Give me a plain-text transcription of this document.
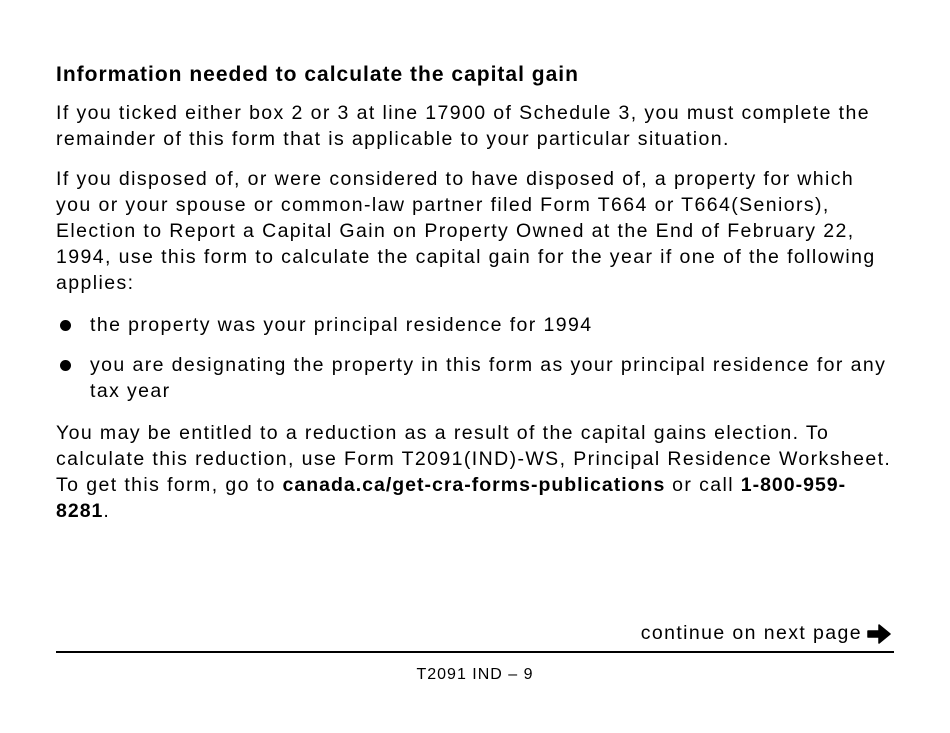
Information needed to calculate the capital gain

If you ticked either box 2 or 3 at line 17900 of Schedule 3, you must complete the remainder of this form that is applicable to your particular situation.

If you disposed of, or were considered to have disposed of, a property for which you or your spouse or common-law partner filed Form T664 or T664(Seniors), Election to Report a Capital Gain on Property Owned at the End of February 22, 1994, use this form to calculate the capital gain for the year if one of the following applies:

the property was your principal residence for 1994
you are designating the property in this form as your principal residence for any tax year

You may be entitled to a reduction as a result of the capital gains election. To calculate this reduction, use Form T2091(IND)-WS, Principal Residence Worksheet. To get this form, go to canada.ca/get-cra-forms-publications or call 1-800-959-8281.

continue on next page
T2091 IND – 9
